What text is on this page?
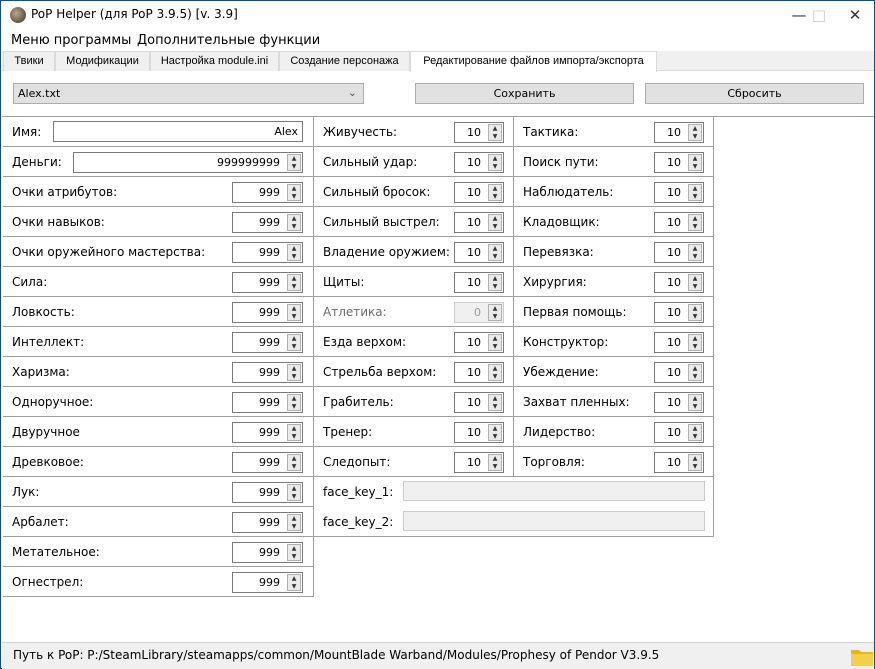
PoP Helper (для PoP 3.9.5) [v. 3.9]	— □	✕
Меню программы Дополнительные функции
Твики	Модификации	Настройка module.ini	Создание персонажа	Редактирование файлов импорта/экспорта
Alex.txt	⌄	Сохранить	Сбросить
Имя:	Alex
Деньги:	999999999	▲
▼
Очки атрибутов:	999	▲
▼
Очки навыков:	999	▲
▼
Очки оружейного мастерства:	999	▲
▼
Сила:	999	▲
▼
Ловкость:	999	▲
▼
Интеллект:	999	▲
▼
Харизма:	999	▲
▼
Одноручное:	999	▲
▼
Двуручное	999	▲
▼
Древковое:	999	▲
▼
Лук:	999	▲
▼
Арбалет:	999	▲
▼
Метательное:	999	▲
▼
Огнестрел:	999	▲
▼
Живучесть:	10	▲
▼
Сильный удар:	10	▲
▼
Сильный бросок:	10	▲
▼
Сильный выстрел:	10	▲
▼
Владение оружием:	10	▲
▼
Щиты:	10	▲
▼
Атлетика:	0	▲
▼
Езда верхом:	10	▲
▼
Стрельба верхом:	10	▲
▼
Грабитель:	10	▲
▼
Тренер:	10	▲
▼
Следопыт:	10	▲
▼
Тактика:	10	▲
▼
Поиск пути:	10	▲
▼
Наблюдатель:	10	▲
▼
Кладовщик:	10	▲
▼
Перевязка:	10	▲
▼
Хирургия:	10	▲
▼
Первая помощь:	10	▲
▼
Конструктор:	10	▲
▼
Убеждение:	10	▲
▼
Захват пленных:	10	▲
▼
Лидерство:	10	▲
▼
Торговля:	10	▲
▼
face_key_1:
face_key_2:
Путь к PoP: P:/SteamLibrary/steamapps/common/MountBlade Warband/Modules/Prophesy of Pendor V3.9.5
